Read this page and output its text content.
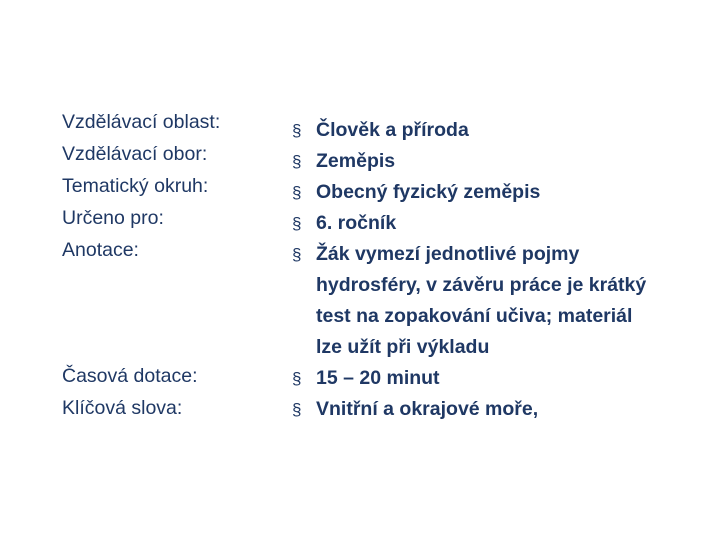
Vzdělávací oblast:
Vzdělávací obor:
Tematický okruh:
Určeno pro:
Anotace:
Časová dotace:
Klíčová slova:
§ Člověk a příroda
§ Zeměpis
§ Obecný fyzický zeměpis
§ 6. ročník
§ Žák vymezí jednotlivé pojmy hydrosféry, v závěru práce je krátký test na zopakování učiva; materiál lze užít při výkladu
§ 15 – 20 minut
§ Vnitřní a okrajové moře,
